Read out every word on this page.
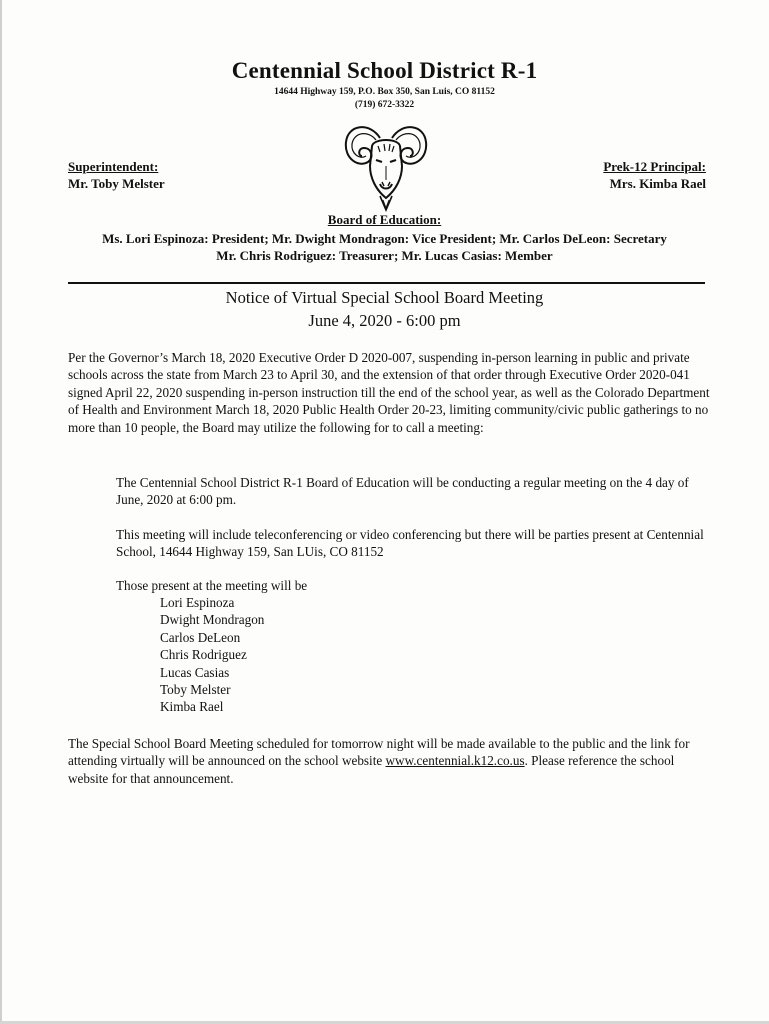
Centennial School District R-1
14644 Highway 159, P.O. Box 350, San Luis, CO 81152
(719) 672-3322
Superintendent:
Mr. Toby Melster
Prek-12 Principal:
Mrs. Kimba Rael
Board of Education:
Ms. Lori Espinoza: President; Mr. Dwight Mondragon: Vice President; Mr. Carlos DeLeon: Secretary
Mr. Chris Rodriguez: Treasurer; Mr. Lucas Casias: Member
Notice of Virtual Special School Board Meeting
June 4, 2020 - 6:00 pm

Per the Governor’s March 18, 2020 Executive Order D 2020-007, suspending in-person learning in public and private schools across the state from March 23 to April 30, and the extension of that order through Executive Order 2020-041 signed April 22, 2020 suspending in-person instruction till the end of the school year, as well as the Colorado Department of Health and Environment March 18, 2020 Public Health Order 20-23, limiting community/civic public gatherings to no more than 10 people, the Board may utilize the following for to call a meeting:

The Centennial School District R-1 Board of Education will be conducting a regular meeting on the 4 day of June, 2020 at 6:00 pm.

This meeting will include teleconferencing or video conferencing but there will be parties present at Centennial School, 14644 Highway 159, San LUis, CO 81152

Those present at the meeting will be

Lori Espinoza
Dwight Mondragon
Carlos DeLeon
Chris Rodriguez
Lucas Casias
Toby Melster
Kimba Rael

The Special School Board Meeting scheduled for tomorrow night will be made available to the public and the link for attending virtually will be announced on the school website www.centennial.k12.co.us. Please reference the school website for that announcement.
